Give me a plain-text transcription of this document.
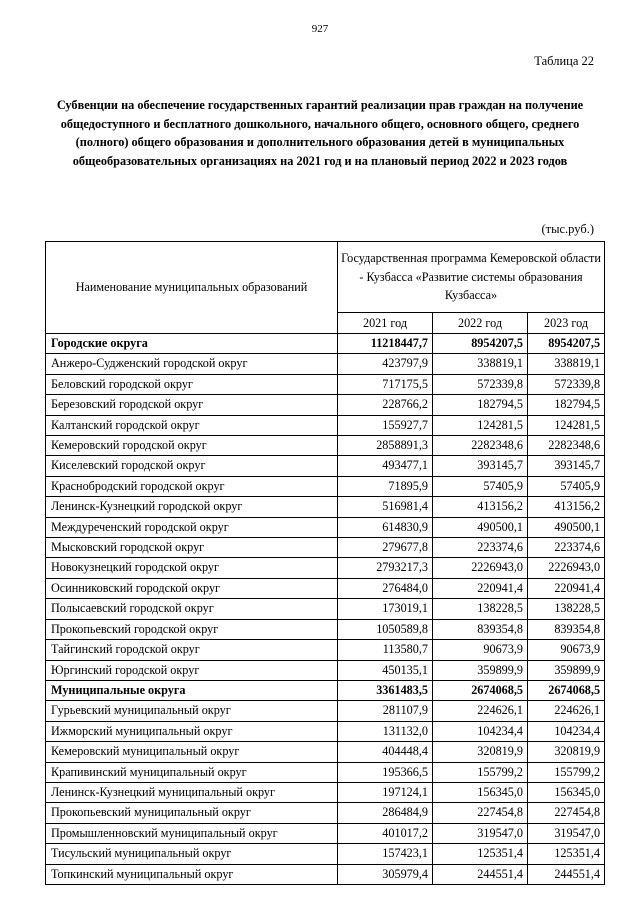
927
Таблица 22
Субвенции на обеспечение государственных гарантий реализации прав граждан на получение общедоступного и бесплатного дошкольного, начального общего, основного общего, среднего (полного) общего образования и дополнительного образования детей в муниципальных общеобразовательных организациях на 2021 год и на плановый период 2022 и 2023 годов
(тыс.руб.)
Наименование муниципальных образований	Государственная программа Кемеровской области - Кузбасса «Развитие системы образования Кузбасса»		
	2021 год	2022 год	2023 год
Городские округа	11218447,7	8954207,5	8954207,5
Анжеро-Судженский городской округ	423797,9	338819,1	338819,1
Беловский городской округ	717175,5	572339,8	572339,8
Березовский городской округ	228766,2	182794,5	182794,5
Калтанский городской округ	155927,7	124281,5	124281,5
Кемеровский городской округ	2858891,3	2282348,6	2282348,6
Киселевский городской округ	493477,1	393145,7	393145,7
Краснобродский городской округ	71895,9	57405,9	57405,9
Ленинск-Кузнецкий городской округ	516981,4	413156,2	413156,2
Междуреченский городской округ	614830,9	490500,1	490500,1
Мысковский городской округ	279677,8	223374,6	223374,6
Новокузнецкий городской округ	2793217,3	2226943,0	2226943,0
Осинниковский городской округ	276484,0	220941,4	220941,4
Полысаевский городской округ	173019,1	138228,5	138228,5
Прокопьевский городской округ	1050589,8	839354,8	839354,8
Тайгинский городской округ	113580,7	90673,9	90673,9
Юргинский городской округ	450135,1	359899,9	359899,9
Муниципальные округа	3361483,5	2674068,5	2674068,5
Гурьевский муниципальный округ	281107,9	224626,1	224626,1
Ижморский муниципальный округ	131132,0	104234,4	104234,4
Кемеровский муниципальный округ	404448,4	320819,9	320819,9
Крапивинский муниципальный округ	195366,5	155799,2	155799,2
Ленинск-Кузнецкий муниципальный округ	197124,1	156345,0	156345,0
Прокопьевский муниципальный округ	286484,9	227454,8	227454,8
Промышленновский муниципальный округ	401017,2	319547,0	319547,0
Тисульский муниципальный округ	157423,1	125351,4	125351,4
Топкинский муниципальный округ	305979,4	244551,4	244551,4
